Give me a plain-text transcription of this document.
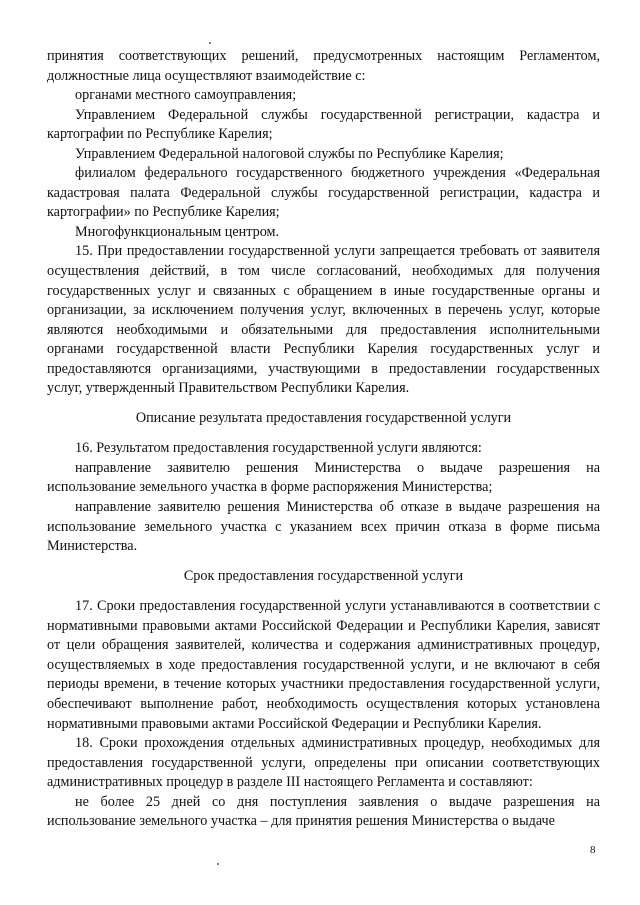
принятия соответствующих решений, предусмотренных настоящим Регламентом, должностные лица осуществляют взаимодействие с:

органами местного самоуправления;

Управлением Федеральной службы государственной регистрации, кадастра и картографии по Республике Карелия;

Управлением Федеральной налоговой службы по Республике Карелия;

филиалом федерального государственного бюджетного учреждения «Федеральная кадастровая палата Федеральной службы государственной регистрации, кадастра и картографии» по Республике Карелия;

Многофункциональным центром.

15. При предоставлении государственной услуги запрещается требовать от заявителя осуществления действий, в том числе согласований, необходимых для получения государственных услуг и связанных с обращением в иные государственные органы и организации, за исключением получения услуг, включенных в перечень услуг, которые являются необходимыми и обязательными для предоставления исполнительными органами государственной власти Республики Карелия государственных услуг и предоставляются организациями, участвующими в предоставлении государственных услуг, утвержденный Правительством Республики Карелия.

Описание результата предоставления государственной услуги

16. Результатом предоставления государственной услуги являются:

направление заявителю решения Министерства о выдаче разрешения на использование земельного участка в форме распоряжения Министерства;

направление заявителю решения Министерства об отказе в выдаче разрешения на использование земельного участка с указанием всех причин отказа в форме письма Министерства.

Срок предоставления государственной услуги

17. Сроки предоставления государственной услуги устанавливаются в соответствии с нормативными правовыми актами Российской Федерации и Республики Карелия, зависят от цели обращения заявителей, количества и содержания административных процедур, осуществляемых в ходе предоставления государственной услуги, и не включают в себя периоды времени, в течение которых участники предоставления государственной услуги, обеспечивают выполнение работ, необходимость осуществления которых установлена нормативными правовыми актами Российской Федерации и Республики Карелия.

18. Сроки прохождения отдельных административных процедур, необходимых для предоставления государственной услуги, определены при описании соответствующих административных процедур в разделе III настоящего Регламента и составляют:

не более 25 дней со дня поступления заявления о выдаче разрешения на использование земельного участка – для принятия решения Министерства о выдаче

8
